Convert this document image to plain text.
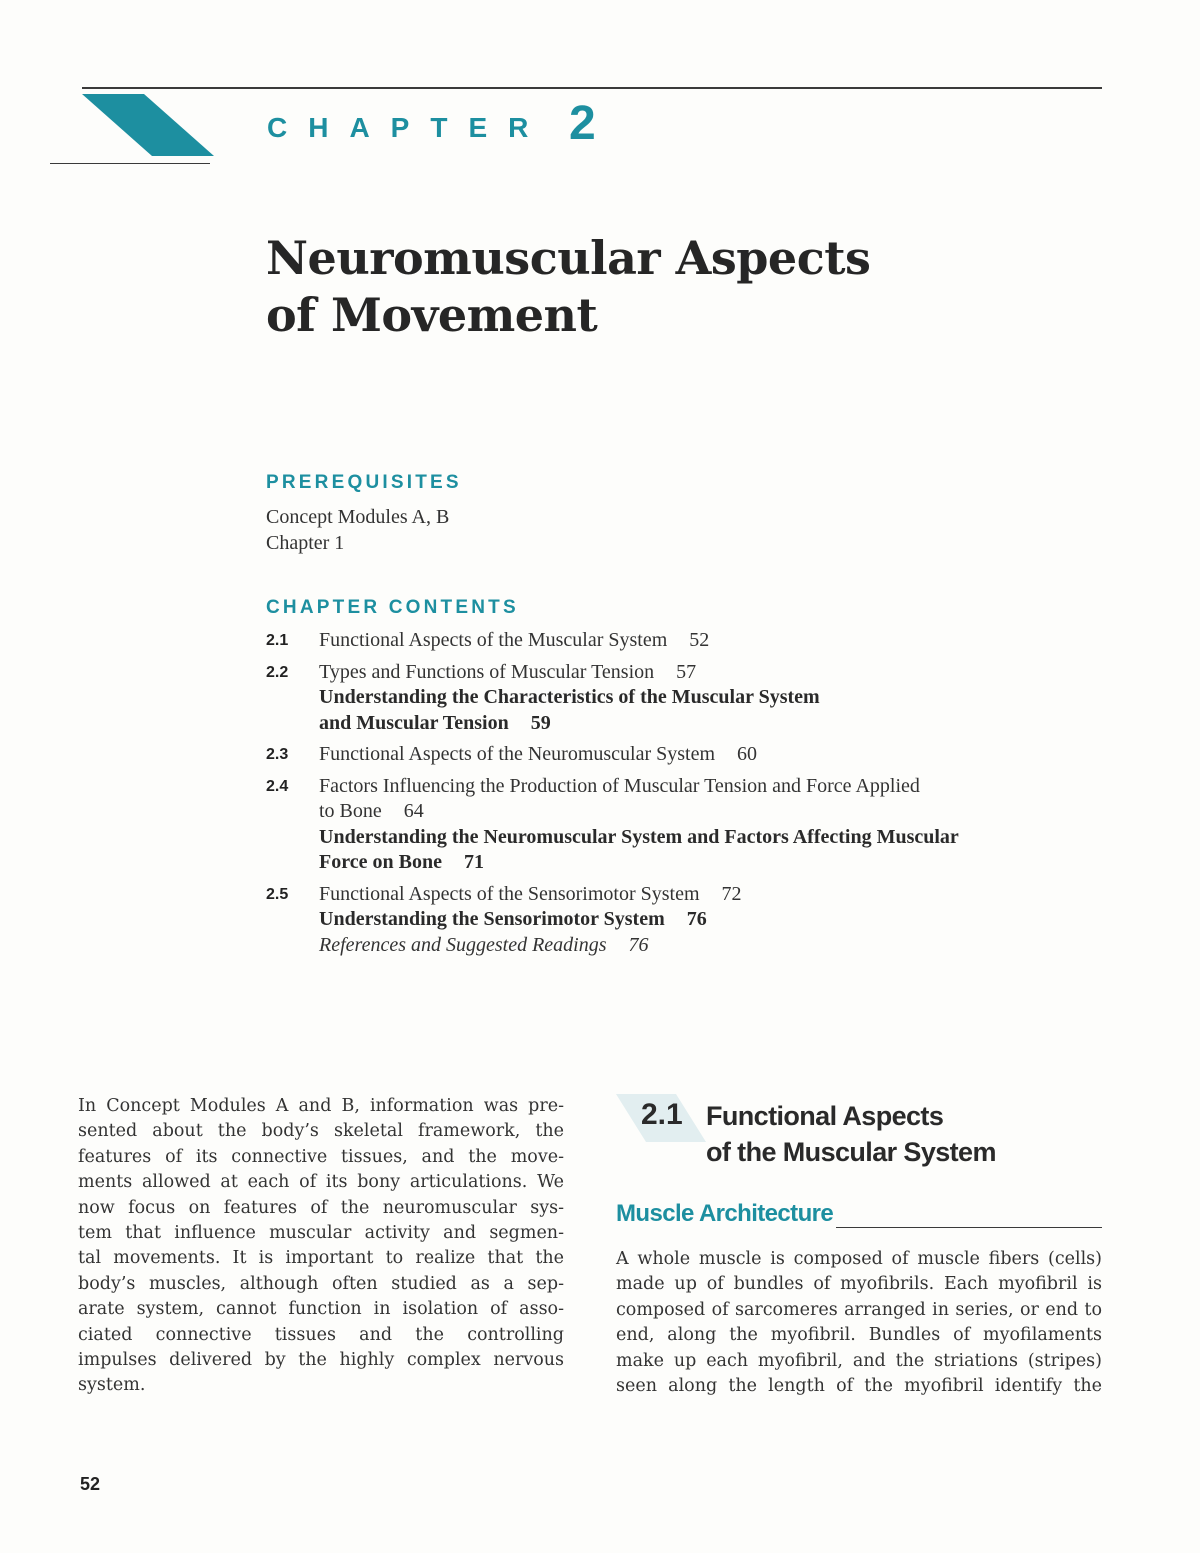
CHAPTER 2
Neuromuscular Aspects
of Movement
PREREQUISITES
Concept Modules A, B
Chapter 1
CHAPTER CONTENTS
2.1 Functional Aspects of the Muscular System 52
2.2 Types and Functions of Muscular Tension 57
Understanding the Characteristics of the Muscular System
and Muscular Tension 59
2.3 Functional Aspects of the Neuromuscular System 60
2.4 Factors Influencing the Production of Muscular Tension and Force Applied
to Bone 64
Understanding the Neuromuscular System and Factors Affecting Muscular
Force on Bone 71
2.5 Functional Aspects of the Sensorimotor System 72
Understanding the Sensorimotor System 76
References and Suggested Readings 76
In Concept Modules A and B, information was pre-
sented about the body’s skeletal framework, the
features of its connective tissues, and the move-
ments allowed at each of its bony articulations. We
now focus on features of the neuromuscular sys-
tem that influence muscular activity and segmen-
tal movements. It is important to realize that the
body’s muscles, although often studied as a sep-
arate system, cannot function in isolation of asso-
ciated connective tissues and the controlling
impulses delivered by the highly complex nervous
system.
2.1 Functional Aspects
of the Muscular System
Muscle Architecture
A whole muscle is composed of muscle fibers (cells)
made up of bundles of myofibrils. Each myofibril is
composed of sarcomeres arranged in series, or end to
end, along the myofibril. Bundles of myofilaments
make up each myofibril, and the striations (stripes)
seen along the length of the myofibril identify the
52
